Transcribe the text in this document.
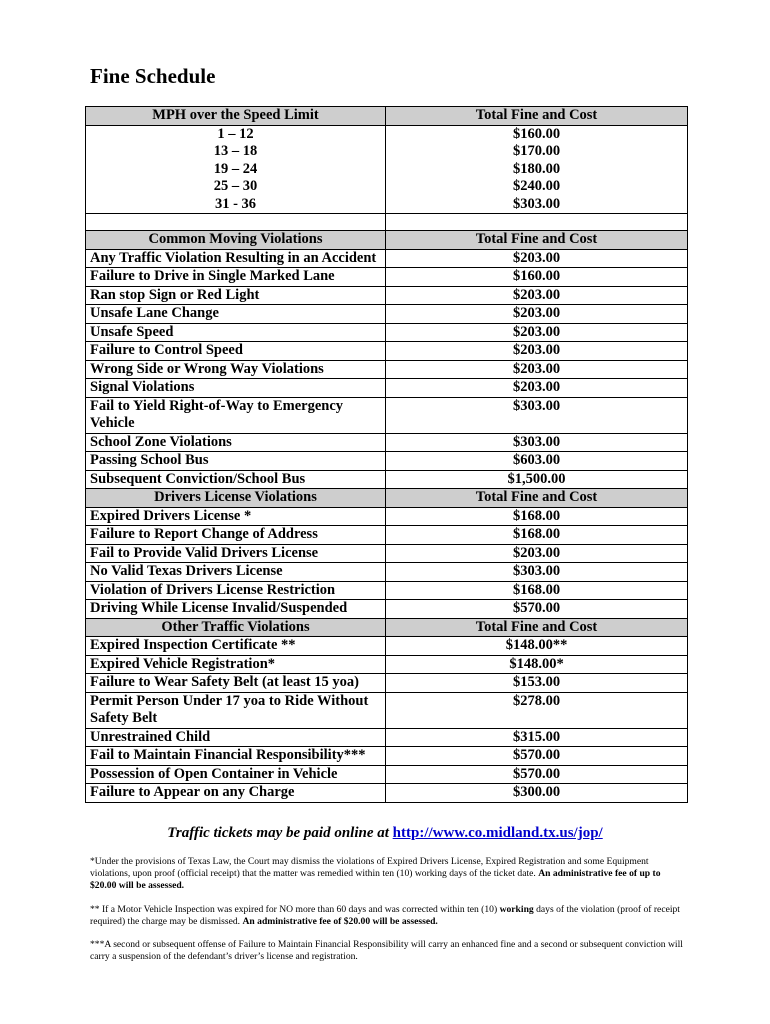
Fine Schedule
MPH over the Speed Limit	Total Fine and Cost
1 – 12	$160.00
13 – 18	$170.00
19 – 24	$180.00
25 – 30	$240.00
31 - 36	$303.00

Common Moving Violations	Total Fine and Cost
Any Traffic Violation Resulting in an Accident	$203.00
Failure to Drive in Single Marked Lane	$160.00
Ran stop Sign or Red Light	$203.00
Unsafe Lane Change	$203.00
Unsafe Speed	$203.00
Failure to Control Speed	$203.00
Wrong Side or Wrong Way Violations	$203.00
Signal Violations	$203.00
Fail to Yield Right-of-Way to Emergency Vehicle	$303.00
School Zone Violations	$303.00
Passing School Bus	$603.00
Subsequent Conviction/School Bus	$1,500.00
Drivers License Violations	Total Fine and Cost
Expired Drivers License *	$168.00
Failure to Report Change of Address	$168.00
Fail to Provide Valid Drivers License	$203.00
No Valid Texas Drivers License	$303.00
Violation of Drivers License Restriction	$168.00
Driving While License Invalid/Suspended	$570.00
Other Traffic Violations	Total Fine and Cost
Expired Inspection Certificate **	$148.00**
Expired Vehicle Registration*	$148.00*
Failure to Wear Safety Belt (at least 15 yoa)	$153.00
Permit Person Under 17 yoa to Ride Without Safety Belt	$278.00
Unrestrained Child	$315.00
Fail to Maintain Financial Responsibility***	$570.00
Possession of Open Container in Vehicle	$570.00
Failure to Appear on any Charge	$300.00
Traffic tickets may be paid online at http://www.co.midland.tx.us/jop/
*Under the provisions of Texas Law, the Court may dismiss the violations of Expired Drivers License, Expired Registration and some Equipment violations, upon proof (official receipt) that the matter was remedied within ten (10) working days of the ticket date. An administrative fee of up to $20.00 will be assessed.
** If a Motor Vehicle Inspection was expired for NO more than 60 days and was corrected within ten (10) working days of the violation (proof of receipt required) the charge may be dismissed. An administrative fee of $20.00 will be assessed.
***A second or subsequent offense of Failure to Maintain Financial Responsibility will carry an enhanced fine and a second or subsequent conviction will carry a suspension of the defendant’s driver’s license and registration.
